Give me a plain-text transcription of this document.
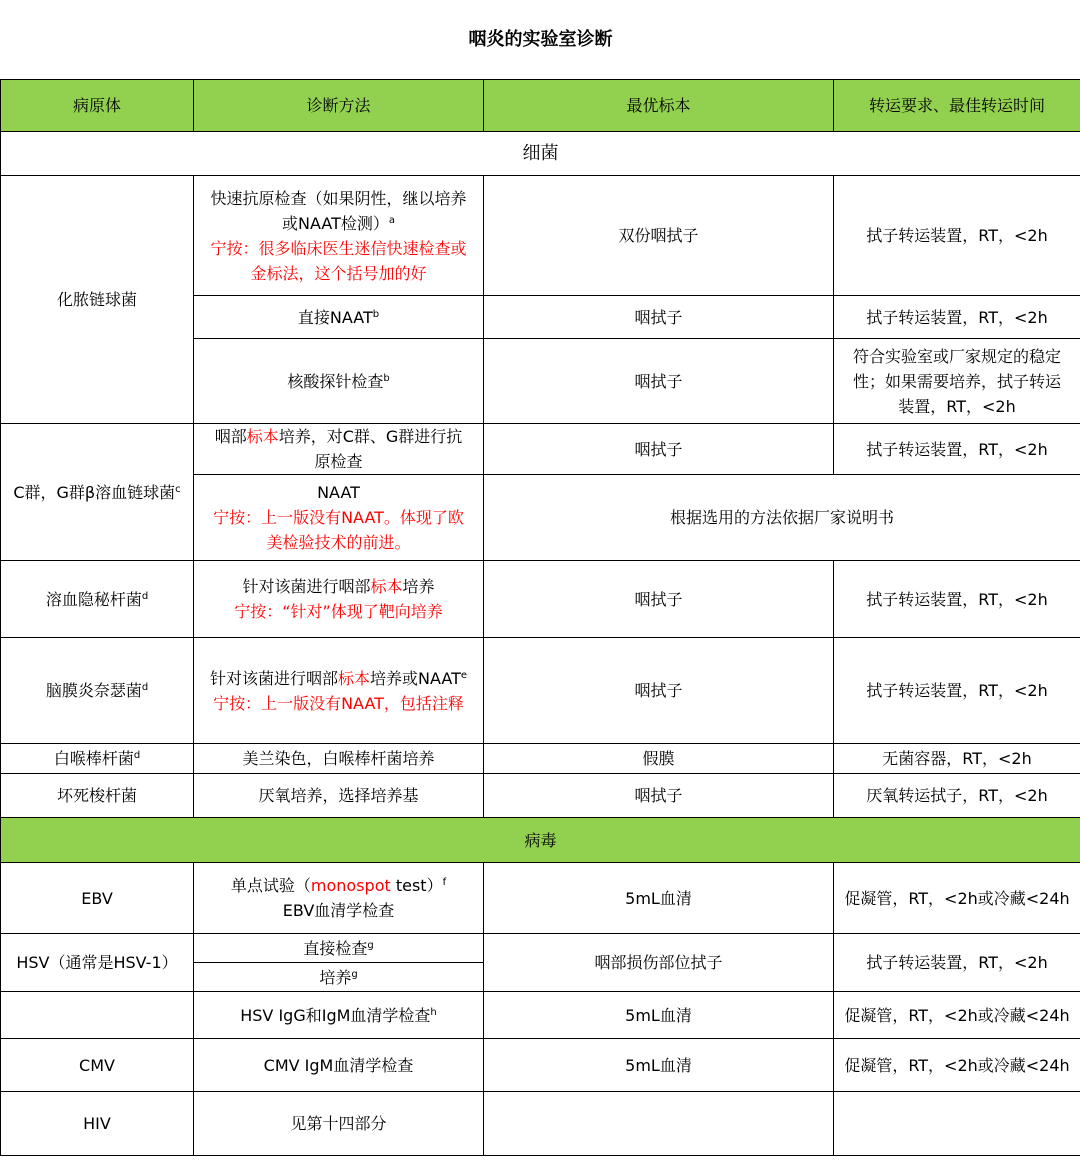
咽炎的实验室诊断			
病原体	诊断方法	最优标本	转运要求、最佳转运时间
细菌			
化脓链球菌	快速抗原检查（如果阴性，继以培养
或NAAT检测）$^a$
宁按：很多临床医生迷信快速检查或
金标法，这个括号加的好	双份咽拭子	拭子转运装置，RT，<2h
	直接NAAT$^b$	咽拭子	拭子转运装置，RT，<2h
	核酸探针检查$^b$	咽拭子	符合实验室或厂家规定的稳定
性；如果需要培养，拭子转运
装置，RT，<2h

C群，G群β溶血链球菌$^c$	咽部标本培养，对C群、G群进行抗
原检查	咽拭子	拭子转运装置，RT，<2h

	NAAT
宁按：上一版没有NAAT。体现了欧
美检验技术的前进。	根据选用的方法依据厂家说明书	
溶血隐秘杆菌$^d$	针对该菌进行咽部标本培养
宁按：“针对”体现了靶向培养	咽拭子	拭子转运装置，RT，<2h
脑膜炎奈瑟菌$^d$	针对该菌进行咽部标本培养或NAAT$^e$
宁按：上一版没有NAAT，包括注释	咽拭子	拭子转运装置，RT，<2h
白喉棒杆菌$^d$	美兰染色，白喉棒杆菌培养	假膜	无菌容器，RT，<2h
坏死梭杆菌	厌氧培养，选择培养基	咽拭子	厌氧转运拭子，RT，<2h
病毒			
EBV	单点试验（monospot test）$^f$
EBV血清学检查	5mL血清	促凝管，RT，<2h或冷藏<24h
HSV（通常是HSV-1）	直接检查$^g$	咽部损伤部位拭子	拭子转运装置，RT，<2h
	培养$^g$
	HSV IgG和IgM血清学检查$^h$	5mL血清	促凝管，RT，<2h或冷藏<24h
CMV	CMV IgM血清学检查	5mL血清	促凝管，RT，<2h或冷藏<24h
HIV	见第十四部分		
